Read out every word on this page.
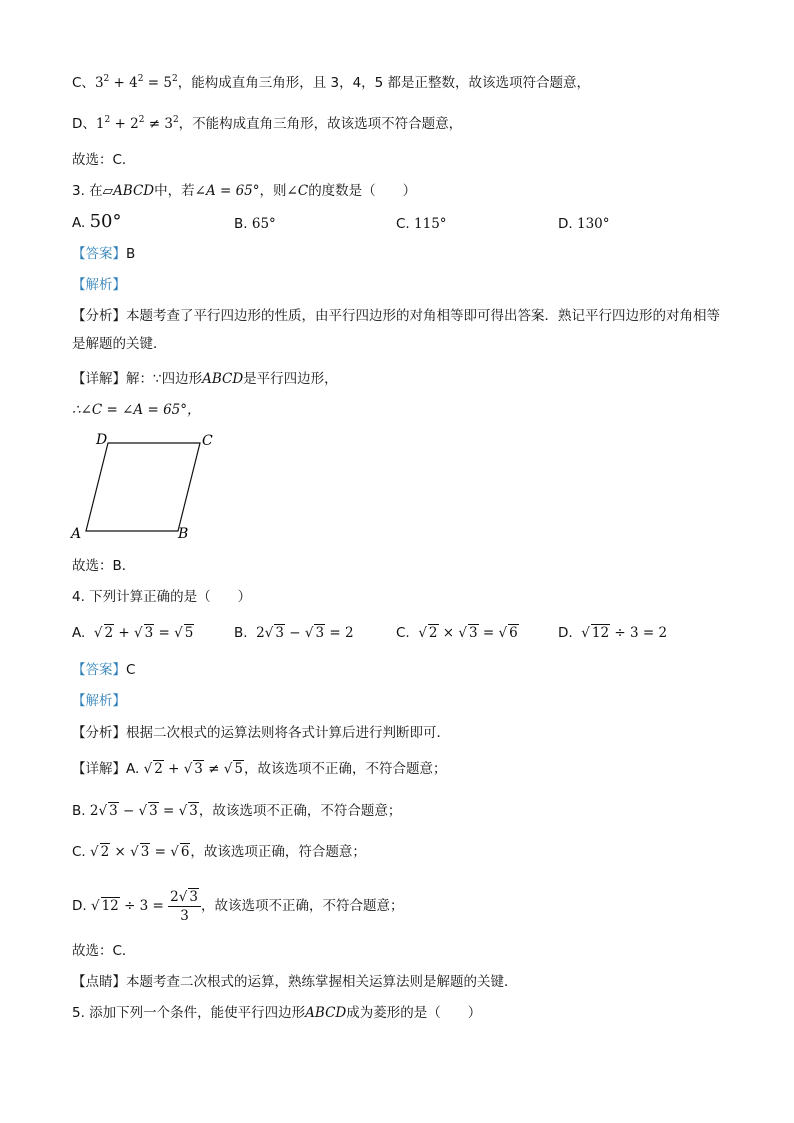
C、$3^2 + 4^2 = 5^2$，能构成直角三角形，且 3，4，5 都是正整数，故该选项符合题意，
D、$1^2 + 2^2 \ne 3^2$，不能构成直角三角形，故该选项不符合题意，
故选：C．
3. 在▱ABCD中，若∠A = 65°，则∠C的度数是（　　）
A. 50°	B. 65°	C. 115°	D. 130°
【答案】B
【解析】
【分析】本题考查了平行四边形的性质，由平行四边形的对角相等即可得出答案．熟记平行四边形的对角相等是解题的关键．
【详解】解：∵四边形ABCD是平行四边形，
∴∠C = ∠A = 65°，
D	C
A	B
故选：B．
4. 下列计算正确的是（　　）
A. √ 2 + √ 3 = √ 5	B. 2√ 3 − √ 3 = 2	C. √ 2 × √ 3 = √ 6	D. √ 12 ÷ 3 = 2
【答案】C
【解析】
【分析】根据二次根式的运算法则将各式计算后进行判断即可．
【详解】A. √ 2 + √ 3 ≠ √ 5，故该选项不正确，不符合题意；
B. 2√ 3 − √ 3 = √ 3，故该选项不正确，不符合题意；
C. √ 2 × √ 3 = √ 6，故该选项正确，符合题意；
D. √ $12 \div 3 = \frac{2√ 3}{3}$ ，故该选项不正确，不符合题意；
故选：C．
【点睛】本题考查二次根式的运算，熟练掌握相关运算法则是解题的关键．
5. 添加下列一个条件，能使平行四边形ABCD成为菱形的是（　　）
